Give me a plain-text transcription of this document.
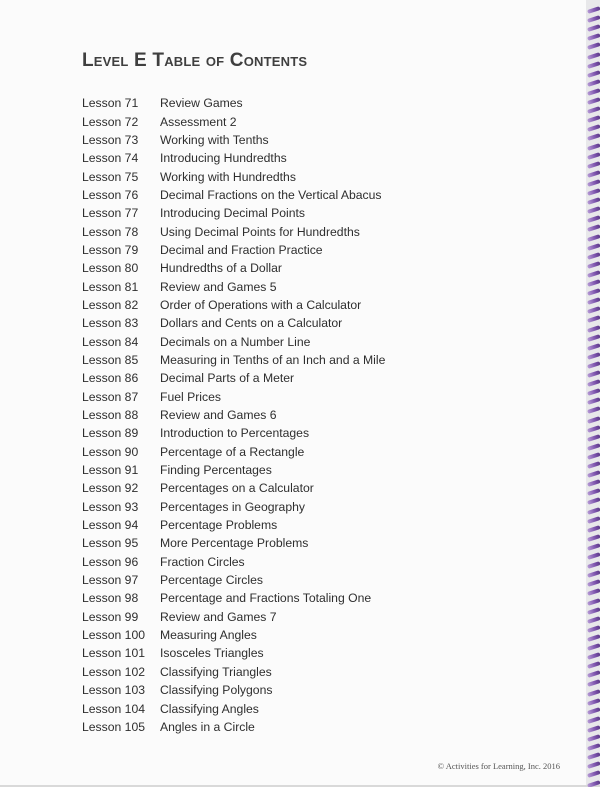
Level E Table of Contents
Lesson 71	Review Games
Lesson 72	Assessment 2
Lesson 73	Working with Tenths
Lesson 74	Introducing Hundredths
Lesson 75	Working with Hundredths
Lesson 76	Decimal Fractions on the Vertical Abacus
Lesson 77	Introducing Decimal Points
Lesson 78	Using Decimal Points for Hundredths
Lesson 79	Decimal and Fraction Practice
Lesson 80	Hundredths of a Dollar
Lesson 81	Review and Games 5
Lesson 82	Order of Operations with a Calculator
Lesson 83	Dollars and Cents on a Calculator
Lesson 84	Decimals on a Number Line
Lesson 85	Measuring in Tenths of an Inch and a Mile
Lesson 86	Decimal Parts of a Meter
Lesson 87	Fuel Prices
Lesson 88	Review and Games 6
Lesson 89	Introduction to Percentages
Lesson 90	Percentage of a Rectangle
Lesson 91	Finding Percentages
Lesson 92	Percentages on a Calculator
Lesson 93	Percentages in Geography
Lesson 94	Percentage Problems
Lesson 95	More Percentage Problems
Lesson 96	Fraction Circles
Lesson 97	Percentage Circles
Lesson 98	Percentage and Fractions Totaling One
Lesson 99	Review and Games 7
Lesson 100	Measuring Angles
Lesson 101	Isosceles Triangles
Lesson 102	Classifying Triangles
Lesson 103	Classifying Polygons
Lesson 104	Classifying Angles
Lesson 105	Angles in a Circle
© Activities for Learning, Inc. 2016
